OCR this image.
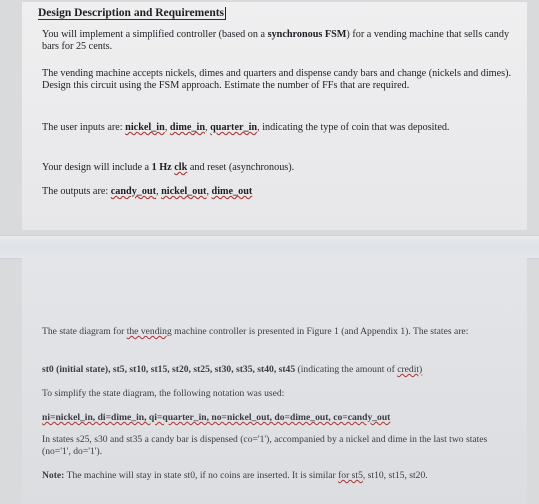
Design Description and Requirements
You will implement a simplified controller (based on a synchronous FSM) for a vending machine that sells candy bars for 25 cents.
The vending machine accepts nickels, dimes and quarters and dispense candy bars and change (nickels and dimes). Design this circuit using the FSM approach. Estimate the number of FFs that are required.
The user inputs are: nickel_in, dime_in, quarter_in, indicating the type of coin that was deposited.
Your design will include a 1 Hz clk and reset (asynchronous).
The outputs are: candy_out, nickel_out, dime_out
The state diagram for the vending machine controller is presented in Figure 1 (and Appendix 1). The states are:
st0 (initial state), st5, st10, st15, st20, st25, st30, st35, st40, st45 (indicating the amount of credit)
To simplify the state diagram, the following notation was used:
ni=nickel_in, di=dime_in, qi=quarter_in, no=nickel_out, do=dime_out, co=candy_out
In states s25, s30 and st35 a candy bar is dispensed (co='1'), accompanied by a nickel and dime in the last two states (no='1', do='1').
Note: The machine will stay in state st0, if no coins are inserted. It is similar for st5, st10, st15, st20.
